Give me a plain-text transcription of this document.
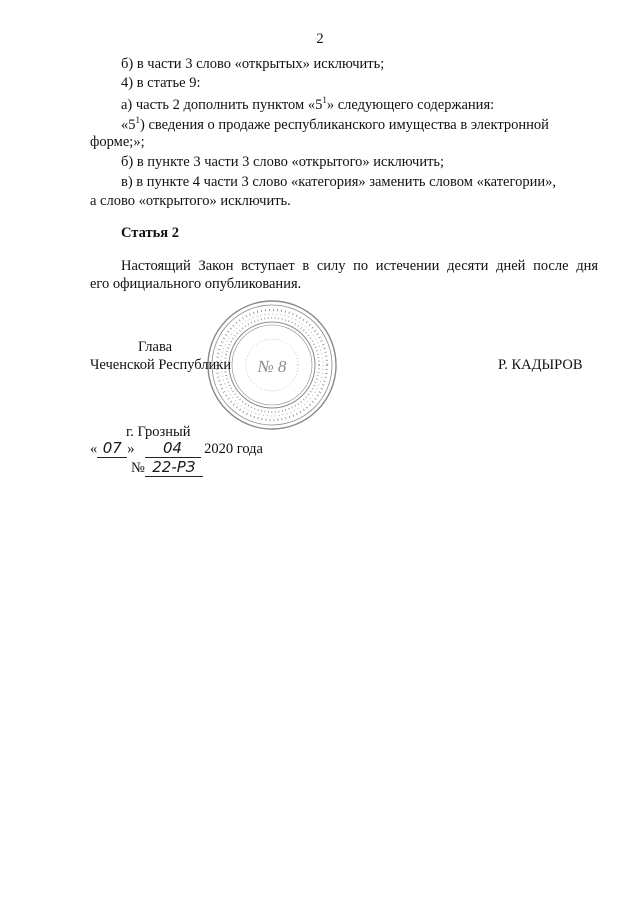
2
б) в части 3 слово «открытых» исключить;
4) в статье 9:
а) часть 2 дополнить пунктом «$5^1$» следующего содержания:
«$5^1$) сведения о продаже республиканского имущества в электронной
форме;»;
б) в пункте 3 части 3 слово «открытого» исключить;
в) в пункте 4 части 3 слово «категория» заменить словом «категории»,
а слово «открытого» исключить.
Статья 2
Настоящий Закон вступает в силу по истечении десяти дней после дня
его официального опубликования.
№ 8
Глава
Чеченской Республики	Р. КАДЫРОВ
г. Грозный
« 07 » 04 2020 года
№ 22-РЗ
